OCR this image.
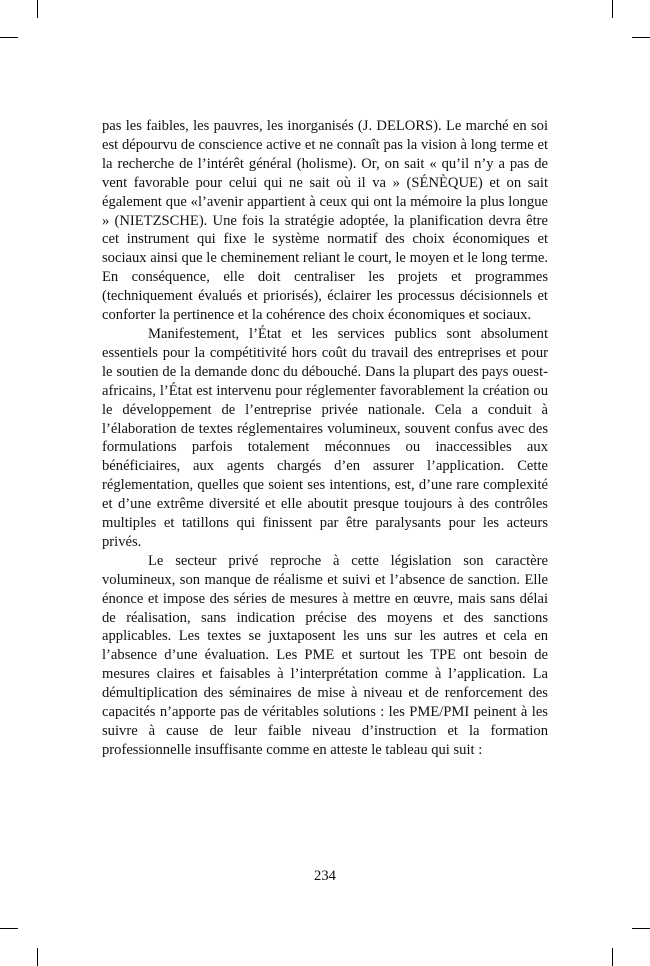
pas les faibles, les pauvres, les inorganisés (J. DELORS). Le marché en soi est dépourvu de conscience active et ne connaît pas la vision à long terme et la recherche de l’intérêt général (holisme). Or, on sait « qu’il n’y a pas de vent favorable pour celui qui ne sait où il va » (SÉNÈQUE) et on sait également que «l’avenir appartient à ceux qui ont la mémoire la plus longue » (NIETZSCHE). Une fois la stratégie adoptée, la planification devra être cet instrument qui fixe le système normatif des choix économiques et sociaux ainsi que le cheminement reliant le court, le moyen et le long terme. En conséquence, elle doit centraliser les projets et programmes (techniquement évalués et priorisés), éclairer les processus décisionnels et conforter la pertinence et la cohérence des choix économiques et sociaux.

Manifestement, l’État et les services publics sont absolument essentiels pour la compétitivité hors coût du travail des entreprises et pour le soutien de la demande donc du débouché. Dans la plupart des pays ouest-africains, l’État est intervenu pour réglementer favorablement la création ou le développement de l’entreprise privée nationale. Cela a conduit à l’élaboration de textes réglementaires volumineux, souvent confus avec des formulations parfois totalement méconnues ou inaccessibles aux bénéficiaires, aux agents chargés d’en assurer l’application. Cette réglementation, quelles que soient ses intentions, est, d’une rare complexité et d’une extrême diversité et elle aboutit presque toujours à des contrôles multiples et tatillons qui finissent par être paralysants pour les acteurs privés.

Le secteur privé reproche à cette législation son caractère volumineux, son manque de réalisme et suivi et l’absence de sanction. Elle énonce et impose des séries de mesures à mettre en œuvre, mais sans délai de réalisation, sans indication précise des moyens et des sanctions applicables. Les textes se juxtaposent les uns sur les autres et cela en l’absence d’une évaluation. Les PME et surtout les TPE ont besoin de mesures claires et faisables à l’interprétation comme à l’application. La démultiplication des séminaires de mise à niveau et de renforcement des capacités n’apporte pas de véritables solutions : les PME/PMI peinent à les suivre à cause de leur faible niveau d’instruction et la formation professionnelle insuffisante comme en atteste le tableau qui suit :

234
